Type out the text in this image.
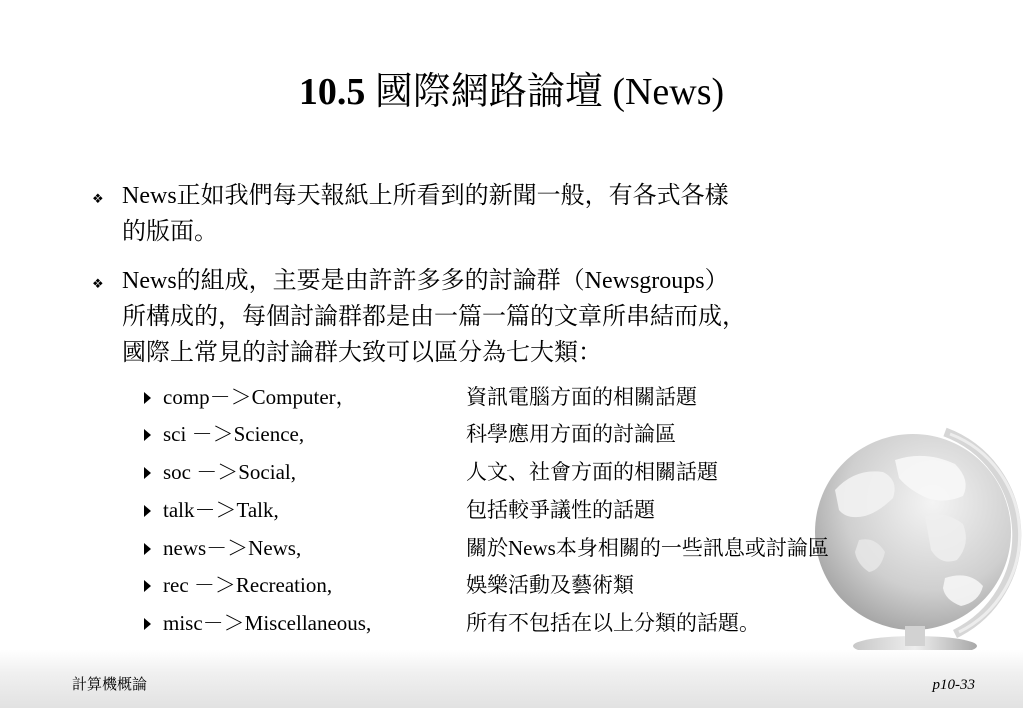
10.5 國際網路論壇 (News)
❖ News正如我們每天報紙上所看到的新聞一般，有各式各樣
的版面。
❖ News的組成，主要是由許許多多的討論群（Newsgroups）
所構成的，每個討論群都是由一篇一篇的文章所串結而成，
國際上常見的討論群大致可以區分為七大類：
comp－＞Computer，	資訊電腦方面的相關話題
sci －＞Science,	科學應用方面的討論區
soc －＞Social,	人文、社會方面的相關話題
talk－＞Talk,	包括較爭議性的話題
news－＞News,	關於News本身相關的一些訊息或討論區
rec －＞Recreation,	娛樂活動及藝術類
misc－＞Miscellaneous,	所有不包括在以上分類的話題。
計算機概論	p10-33
